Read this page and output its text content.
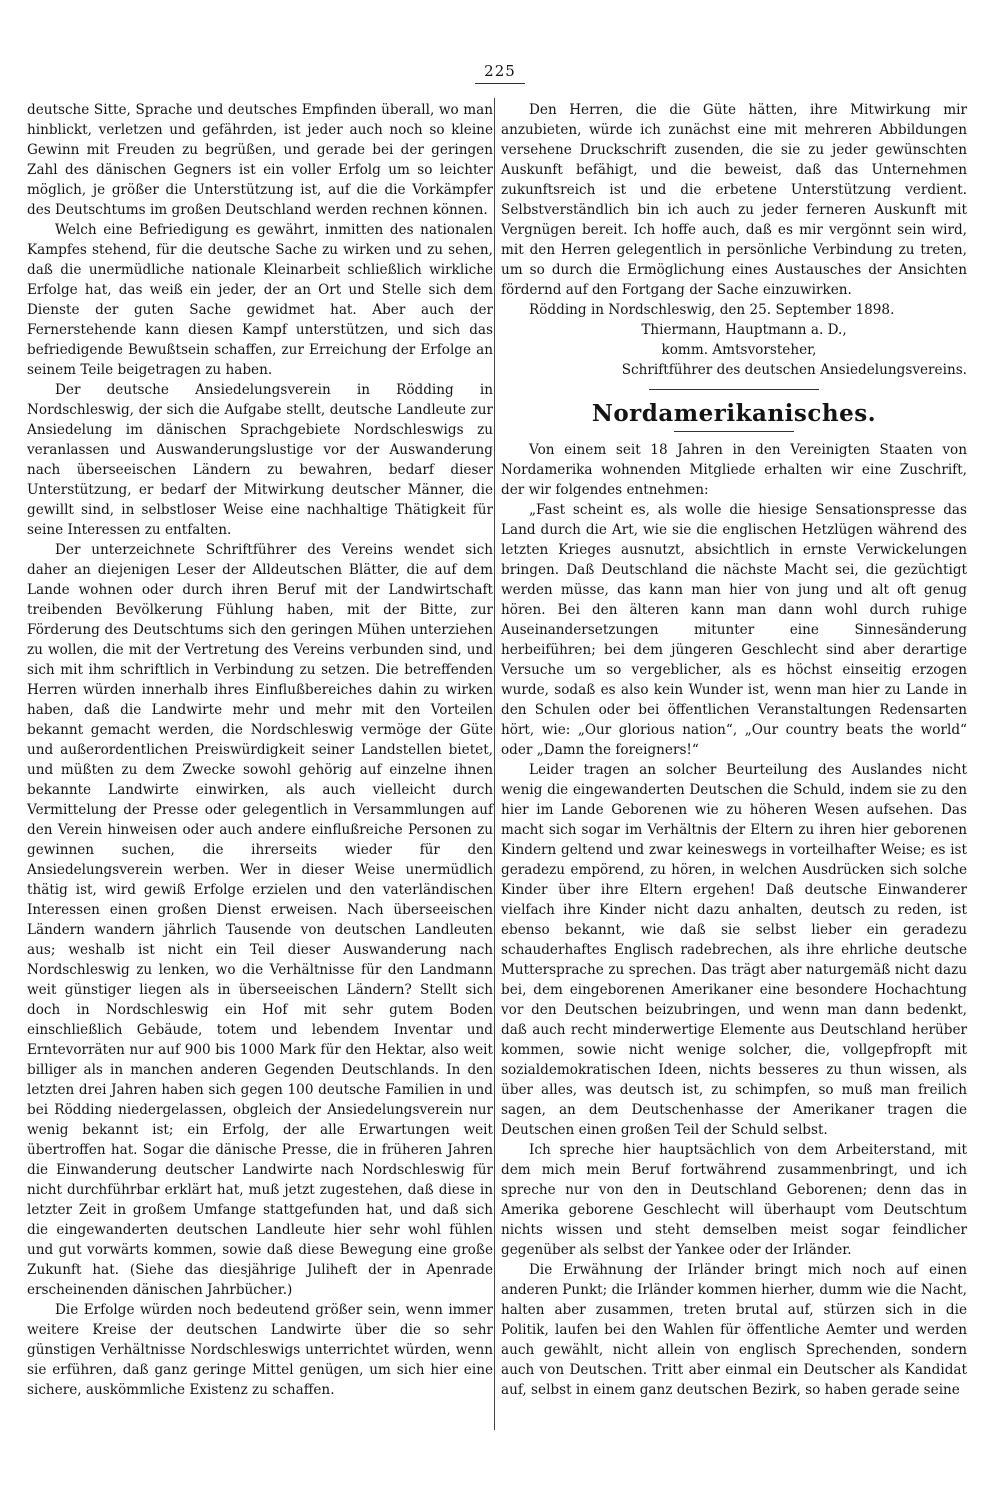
225

deutsche Sitte, Sprache und deutsches Empfinden überall, wo man hinblickt, verletzen und gefährden, ist jeder auch noch so kleine Gewinn mit Freuden zu begrüßen, und gerade bei der geringen Zahl des dänischen Gegners ist ein voller Erfolg um so leichter möglich, je größer die Unterstützung ist, auf die die Vorkämpfer des Deutschtums im großen Deutschland werden rechnen können.

Welch eine Befriedigung es gewährt, inmitten des nationalen Kampfes stehend, für die deutsche Sache zu wirken und zu sehen, daß die unermüdliche nationale Kleinarbeit schließlich wirkliche Erfolge hat, das weiß ein jeder, der an Ort und Stelle sich dem Dienste der guten Sache gewidmet hat. Aber auch der Fernerstehende kann diesen Kampf unterstützen, und sich das befriedigende Bewußtsein schaffen, zur Erreichung der Erfolge an seinem Teile beigetragen zu haben.

Der deutsche Ansiedelungsverein in Rödding in Nordschleswig, der sich die Aufgabe stellt, deutsche Landleute zur Ansiedelung im dänischen Sprachgebiete Nordschleswigs zu veranlassen und Auswanderungslustige vor der Auswanderung nach überseeischen Ländern zu bewahren, bedarf dieser Unterstützung, er bedarf der Mitwirkung deutscher Männer, die gewillt sind, in selbstloser Weise eine nachhaltige Thätigkeit für seine Interessen zu entfalten.

Der unterzeichnete Schriftführer des Vereins wendet sich daher an diejenigen Leser der Alldeutschen Blätter, die auf dem Lande wohnen oder durch ihren Beruf mit der Landwirtschaft treibenden Bevölkerung Fühlung haben, mit der Bitte, zur Förderung des Deutschtums sich den geringen Mühen unterziehen zu wollen, die mit der Vertretung des Vereins verbunden sind, und sich mit ihm schriftlich in Verbindung zu setzen. Die betreffenden Herren würden innerhalb ihres Einflußbereiches dahin zu wirken haben, daß die Landwirte mehr und mehr mit den Vorteilen bekannt gemacht werden, die Nordschleswig vermöge der Güte und außerordentlichen Preiswürdigkeit seiner Landstellen bietet, und müßten zu dem Zwecke sowohl gehörig auf einzelne ihnen bekannte Landwirte einwirken, als auch vielleicht durch Vermittelung der Presse oder gelegentlich in Versammlungen auf den Verein hinweisen oder auch andere einflußreiche Personen zu gewinnen suchen, die ihrerseits wieder für den Ansiedelungsverein werben. Wer in dieser Weise unermüdlich thätig ist, wird gewiß Erfolge erzielen und den vaterländischen Interessen einen großen Dienst erweisen. Nach überseeischen Ländern wandern jährlich Tausende von deutschen Landleuten aus; weshalb ist nicht ein Teil dieser Auswanderung nach Nordschleswig zu lenken, wo die Verhältnisse für den Landmann weit günstiger liegen als in überseeischen Ländern? Stellt sich doch in Nordschleswig ein Hof mit sehr gutem Boden einschließlich Gebäude, totem und lebendem Inventar und Erntevorräten nur auf 900 bis 1000 Mark für den Hektar, also weit billiger als in manchen anderen Gegenden Deutschlands. In den letzten drei Jahren haben sich gegen 100 deutsche Familien in und bei Rödding niedergelassen, obgleich der Ansiedelungsverein nur wenig bekannt ist; ein Erfolg, der alle Erwartungen weit übertroffen hat. Sogar die dänische Presse, die in früheren Jahren die Einwanderung deutscher Landwirte nach Nordschleswig für nicht durchführbar erklärt hat, muß jetzt zugestehen, daß diese in letzter Zeit in großem Umfange stattgefunden hat, und daß sich die eingewanderten deutschen Landleute hier sehr wohl fühlen und gut vorwärts kommen, sowie daß diese Bewegung eine große Zukunft hat. (Siehe das diesjährige Juliheft der in Apenrade erscheinenden dänischen Jahrbücher.)

Die Erfolge würden noch bedeutend größer sein, wenn immer weitere Kreise der deutschen Landwirte über die so sehr günstigen Verhältnisse Nordschleswigs unterrichtet würden, wenn sie erführen, daß ganz geringe Mittel genügen, um sich hier eine sichere, auskömmliche Existenz zu schaffen.

Den Herren, die die Güte hätten, ihre Mitwirkung mir anzubieten, würde ich zunächst eine mit mehreren Abbildungen versehene Druckschrift zusenden, die sie zu jeder gewünschten Auskunft befähigt, und die beweist, daß das Unternehmen zukunftsreich ist und die erbetene Unterstützung verdient. Selbstverständlich bin ich auch zu jeder ferneren Auskunft mit Vergnügen bereit. Ich hoffe auch, daß es mir vergönnt sein wird, mit den Herren gelegentlich in persönliche Verbindung zu treten, um so durch die Ermöglichung eines Austausches der Ansichten fördernd auf den Fortgang der Sache einzuwirken.

Rödding in Nordschleswig, den 25. September 1898.

Thiermann, Hauptmann a. D.,

komm. Amtsvorsteher,

Schriftführer des deutschen Ansiedelungsvereins.

Nordamerikanisches.

Von einem seit 18 Jahren in den Vereinigten Staaten von Nordamerika wohnenden Mitgliede erhalten wir eine Zuschrift, der wir folgendes entnehmen:

„Fast scheint es, als wolle die hiesige Sensationspresse das Land durch die Art, wie sie die englischen Hetzlügen während des letzten Krieges ausnutzt, absichtlich in ernste Verwickelungen bringen. Daß Deutschland die nächste Macht sei, die gezüchtigt werden müsse, das kann man hier von jung und alt oft genug hören. Bei den älteren kann man dann wohl durch ruhige Auseinandersetzungen mitunter eine Sinnesänderung herbeiführen; bei dem jüngeren Geschlecht sind aber derartige Versuche um so vergeblicher, als es höchst einseitig erzogen wurde, sodaß es also kein Wunder ist, wenn man hier zu Lande in den Schulen oder bei öffentlichen Veranstaltungen Redensarten hört, wie: „Our glorious nation“, „Our country beats the world“ oder „Damn the foreigners!“

Leider tragen an solcher Beurteilung des Auslandes nicht wenig die eingewanderten Deutschen die Schuld, indem sie zu den hier im Lande Geborenen wie zu höheren Wesen aufsehen. Das macht sich sogar im Verhältnis der Eltern zu ihren hier geborenen Kindern geltend und zwar keineswegs in vorteilhafter Weise; es ist geradezu empörend, zu hören, in welchen Ausdrücken sich solche Kinder über ihre Eltern ergehen! Daß deutsche Einwanderer vielfach ihre Kinder nicht dazu anhalten, deutsch zu reden, ist ebenso bekannt, wie daß sie selbst lieber ein geradezu schauderhaftes Englisch radebrechen, als ihre ehrliche deutsche Muttersprache zu sprechen. Das trägt aber naturgemäß nicht dazu bei, dem eingeborenen Amerikaner eine besondere Hochachtung vor den Deutschen beizubringen, und wenn man dann bedenkt, daß auch recht minderwertige Elemente aus Deutschland herüber kommen, sowie nicht wenige solcher, die, vollgepfropft mit sozialdemokratischen Ideen, nichts besseres zu thun wissen, als über alles, was deutsch ist, zu schimpfen, so muß man freilich sagen, an dem Deutschenhasse der Amerikaner tragen die Deutschen einen großen Teil der Schuld selbst.

Ich spreche hier hauptsächlich von dem Arbeiterstand, mit dem mich mein Beruf fortwährend zusammenbringt, und ich spreche nur von den in Deutschland Geborenen; denn das in Amerika geborene Geschlecht will überhaupt vom Deutschtum nichts wissen und steht demselben meist sogar feindlicher gegenüber als selbst der Yankee oder der Irländer.

Die Erwähnung der Irländer bringt mich noch auf einen anderen Punkt; die Irländer kommen hierher, dumm wie die Nacht, halten aber zusammen, treten brutal auf, stürzen sich in die Politik, laufen bei den Wahlen für öffentliche Aemter und werden auch gewählt, nicht allein von englisch Sprechenden, sondern auch von Deutschen. Tritt aber einmal ein Deutscher als Kandidat auf, selbst in einem ganz deutschen Bezirk, so haben gerade seine
